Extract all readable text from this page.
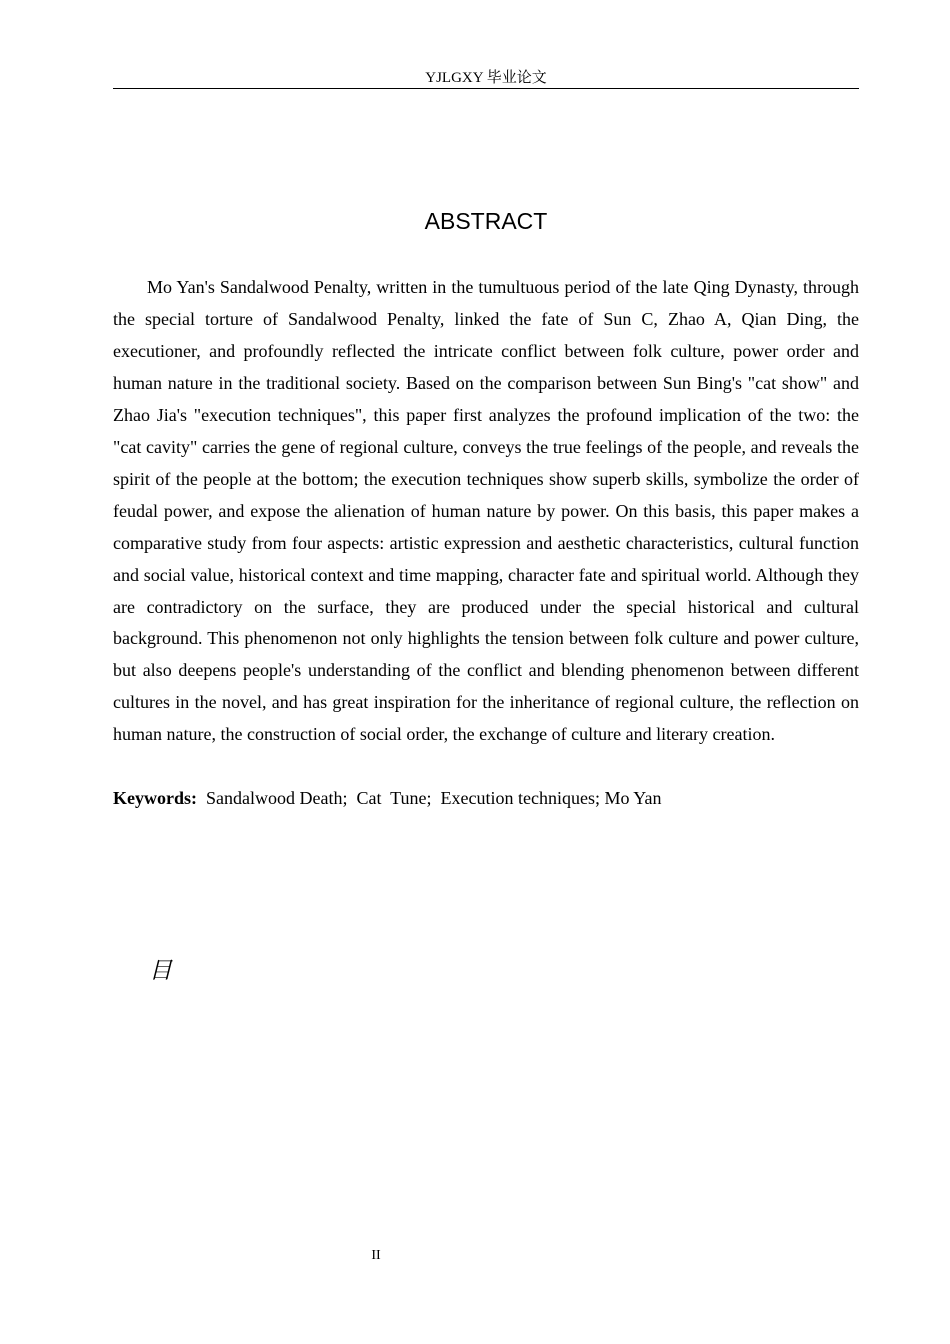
YJLGXY 毕业论文
ABSTRACT

Mo Yan's Sandalwood Penalty, written in the tumultuous period of the late Qing Dynasty, through the special torture of Sandalwood Penalty, linked the fate of Sun C, Zhao A, Qian Ding, the executioner, and profoundly reflected the intricate conflict between folk culture, power order and human nature in the traditional society. Based on the comparison between Sun Bing's "cat show" and Zhao Jia's "execution techniques", this paper first analyzes the profound implication of the two: the "cat cavity" carries the gene of regional culture, conveys the true feelings of the people, and reveals the spirit of the people at the bottom; the execution techniques show superb skills, symbolize the order of feudal power, and expose the alienation of human nature by power. On this basis, this paper makes a comparative study from four aspects: artistic expression and aesthetic characteristics, cultural function and social value, historical context and time mapping, character fate and spiritual world. Although they are contradictory on the surface, they are produced under the special historical and cultural background. This phenomenon not only highlights the tension between folk culture and power culture, but also deepens people's understanding of the conflict and blending phenomenon between different cultures in the novel, and has great inspiration for the inheritance of regional culture, the reflection on human nature, the construction of social order, the exchange of culture and literary creation.

Keywords:  Sandalwood Death;  Cat  Tune;  Execution techniques; Mo Yan

目
II
